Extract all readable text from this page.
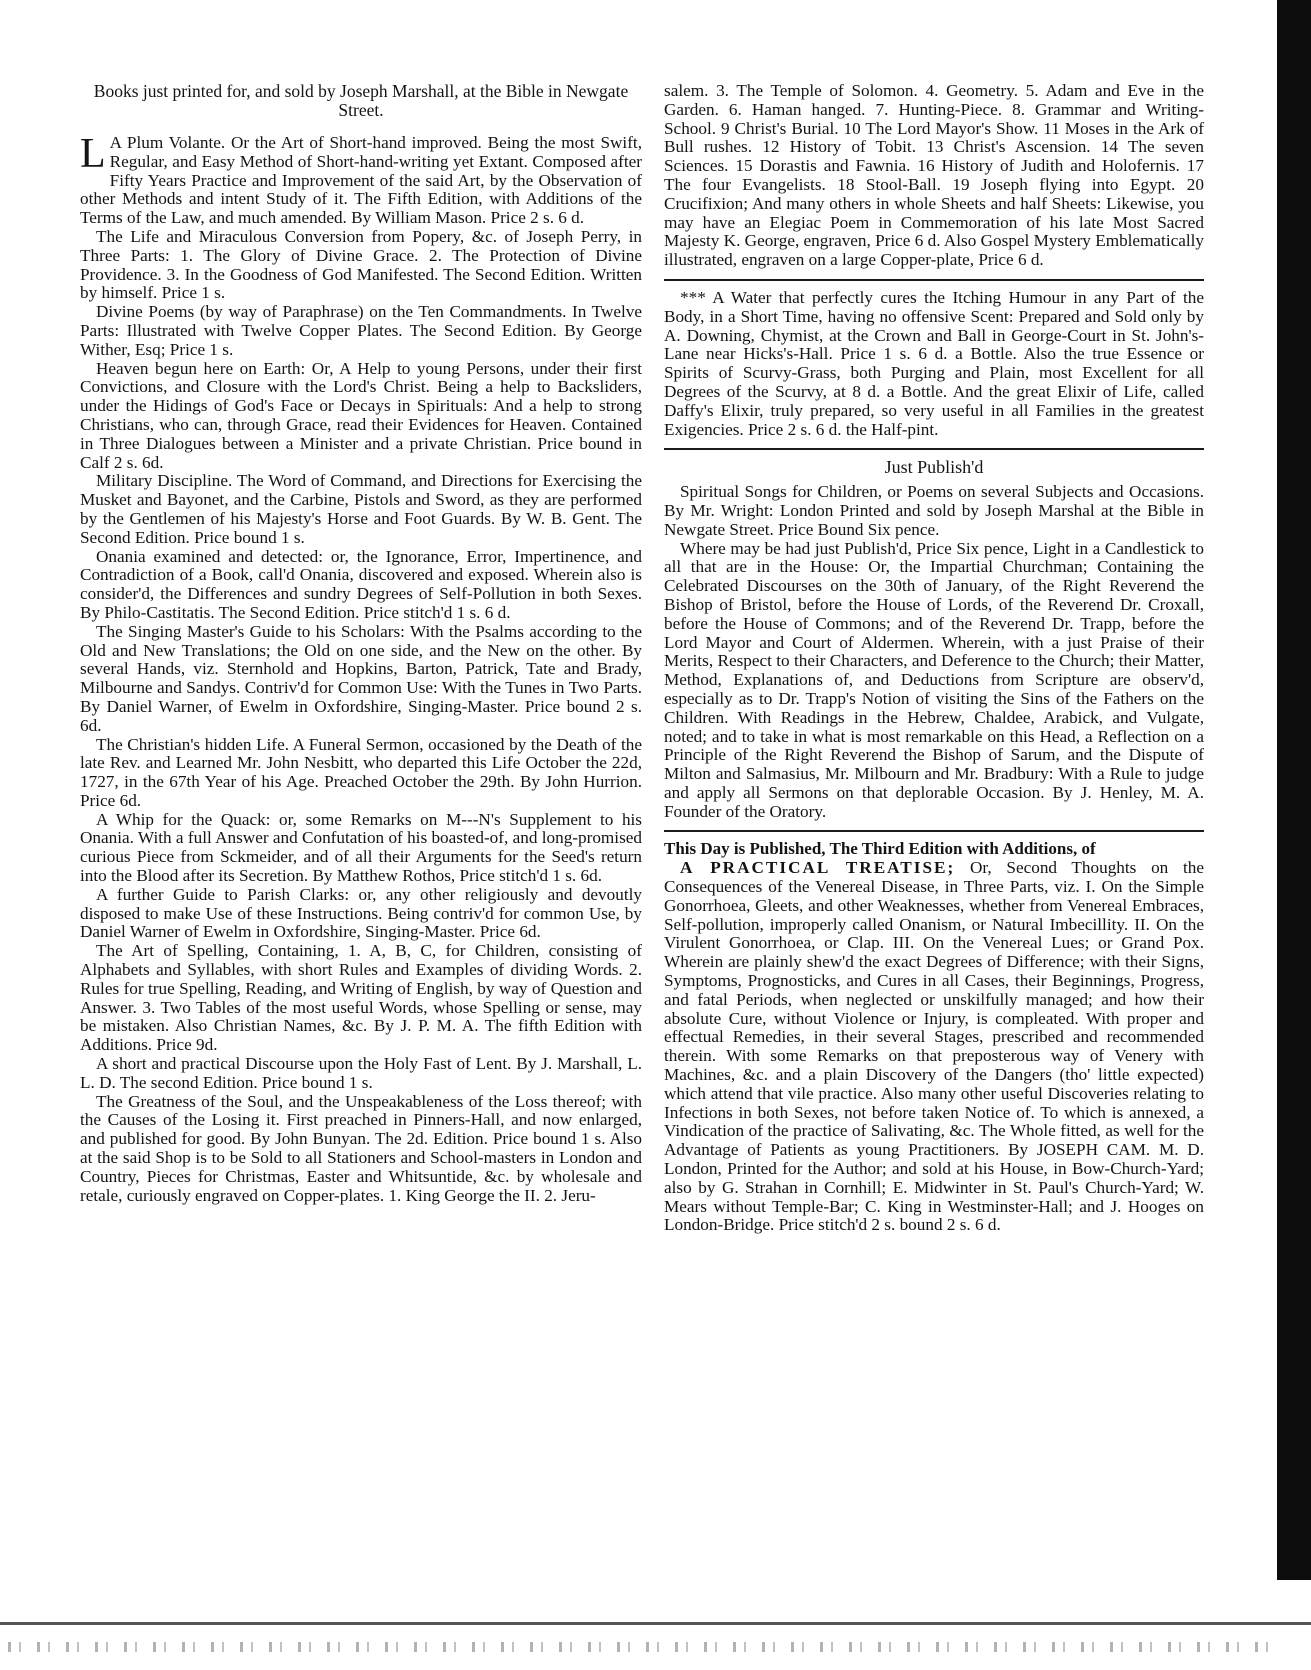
Books just printed for, and sold by Joseph Marshall, at the Bible in Newgate Street.

LA Plum Volante. Or the Art of Short-hand improved. Being the most Swift, Regular, and Easy Method of Short-hand-writing yet Extant. Composed after Fifty Years Practice and Improvement of the said Art, by the Observation of other Methods and intent Study of it. The Fifth Edition, with Additions of the Terms of the Law, and much amended. By William Mason. Price 2 s. 6 d.

The Life and Miraculous Conversion from Popery, &c. of Joseph Perry, in Three Parts: 1. The Glory of Divine Grace. 2. The Protection of Divine Providence. 3. In the Goodness of God Manifested. The Second Edition. Written by himself. Price 1 s.

Divine Poems (by way of Paraphrase) on the Ten Commandments. In Twelve Parts: Illustrated with Twelve Copper Plates. The Second Edition. By George Wither, Esq; Price 1 s.

Heaven begun here on Earth: Or, A Help to young Persons, under their first Convictions, and Closure with the Lord's Christ. Being a help to Backsliders, under the Hidings of God's Face or Decays in Spirituals: And a help to strong Christians, who can, through Grace, read their Evidences for Heaven. Contained in Three Dialogues between a Minister and a private Christian. Price bound in Calf 2 s. 6d.

Military Discipline. The Word of Command, and Directions for Exercising the Musket and Bayonet, and the Carbine, Pistols and Sword, as they are performed by the Gentlemen of his Majesty's Horse and Foot Guards. By W. B. Gent. The Second Edition. Price bound 1 s.

Onania examined and detected: or, the Ignorance, Error, Impertinence, and Contradiction of a Book, call'd Onania, discovered and exposed. Wherein also is consider'd, the Differences and sundry Degrees of Self-Pollution in both Sexes. By Philo-Castitatis. The Second Edition. Price stitch'd 1 s. 6 d.

The Singing Master's Guide to his Scholars: With the Psalms according to the Old and New Translations; the Old on one side, and the New on the other. By several Hands, viz. Sternhold and Hopkins, Barton, Patrick, Tate and Brady, Milbourne and Sandys. Contriv'd for Common Use: With the Tunes in Two Parts. By Daniel Warner, of Ewelm in Oxfordshire, Singing-Master. Price bound 2 s. 6d.

The Christian's hidden Life. A Funeral Sermon, occasioned by the Death of the late Rev. and Learned Mr. John Nesbitt, who departed this Life October the 22d, 1727, in the 67th Year of his Age. Preached October the 29th. By John Hurrion. Price 6d.

A Whip for the Quack: or, some Remarks on M---N's Supplement to his Onania. With a full Answer and Confutation of his boasted-of, and long-promised curious Piece from Sckmeider, and of all their Arguments for the Seed's return into the Blood after its Secretion. By Matthew Rothos, Price stitch'd 1 s. 6d.

A further Guide to Parish Clarks: or, any other religiously and devoutly disposed to make Use of these Instructions. Being contriv'd for common Use, by Daniel Warner of Ewelm in Oxfordshire, Singing-Master. Price 6d.

The Art of Spelling, Containing, 1. A, B, C, for Children, consisting of Alphabets and Syllables, with short Rules and Examples of dividing Words. 2. Rules for true Spelling, Reading, and Writing of English, by way of Question and Answer. 3. Two Tables of the most useful Words, whose Spelling or sense, may be mistaken. Also Christian Names, &c. By J. P. M. A. The fifth Edition with Additions. Price 9d.

A short and practical Discourse upon the Holy Fast of Lent. By J. Marshall, L. L. D. The second Edition. Price bound 1 s.

The Greatness of the Soul, and the Unspeakableness of the Loss thereof; with the Causes of the Losing it. First preached in Pinners-Hall, and now enlarged, and published for good. By John Bunyan. The 2d. Edition. Price bound 1 s. Also at the said Shop is to be Sold to all Stationers and School-masters in London and Country, Pieces for Christmas, Easter and Whitsuntide, &c. by wholesale and retale, curiously engraved on Copper-plates. 1. King George the II. 2. Jeru-

salem. 3. The Temple of Solomon. 4. Geometry. 5. Adam and Eve in the Garden. 6. Haman hanged. 7. Hunting-Piece. 8. Grammar and Writing-School. 9 Christ's Burial. 10 The Lord Mayor's Show. 11 Moses in the Ark of Bull rushes. 12 History of Tobit. 13 Christ's Ascension. 14 The seven Sciences. 15 Dorastis and Fawnia. 16 History of Judith and Holofernis. 17 The four Evangelists. 18 Stool-Ball. 19 Joseph flying into Egypt. 20 Crucifixion; And many others in whole Sheets and half Sheets: Likewise, you may have an Elegiac Poem in Commemoration of his late Most Sacred Majesty K. George, engraven, Price 6 d. Also Gospel Mystery Emblematically illustrated, engraven on a large Copper-plate, Price 6 d.

*** A Water that perfectly cures the Itching Humour in any Part of the Body, in a Short Time, having no offensive Scent: Prepared and Sold only by A. Downing, Chymist, at the Crown and Ball in George-Court in St. John's-Lane near Hicks's-Hall. Price 1 s. 6 d. a Bottle. Also the true Essence or Spirits of Scurvy-Grass, both Purging and Plain, most Excellent for all Degrees of the Scurvy, at 8 d. a Bottle. And the great Elixir of Life, called Daffy's Elixir, truly prepared, so very useful in all Families in the greatest Exigencies. Price 2 s. 6 d. the Half-pint.

Just Publish'd

Spiritual Songs for Children, or Poems on several Subjects and Occasions. By Mr. Wright: London Printed and sold by Joseph Marshal at the Bible in Newgate Street. Price Bound Six pence.

Where may be had just Publish'd, Price Six pence, Light in a Candlestick to all that are in the House: Or, the Impartial Churchman; Containing the Celebrated Discourses on the 30th of January, of the Right Reverend the Bishop of Bristol, before the House of Lords, of the Reverend Dr. Croxall, before the House of Commons; and of the Reverend Dr. Trapp, before the Lord Mayor and Court of Aldermen. Wherein, with a just Praise of their Merits, Respect to their Characters, and Deference to the Church; their Matter, Method, Explanations of, and Deductions from Scripture are observ'd, especially as to Dr. Trapp's Notion of visiting the Sins of the Fathers on the Children. With Readings in the Hebrew, Chaldee, Arabick, and Vulgate, noted; and to take in what is most remarkable on this Head, a Reflection on a Principle of the Right Reverend the Bishop of Sarum, and the Dispute of Milton and Salmasius, Mr. Milbourn and Mr. Bradbury: With a Rule to judge and apply all Sermons on that deplorable Occasion. By J. Henley, M. A. Founder of the Oratory.

This Day is Published, The Third Edition with Additions, of

A PRACTICAL TREATISE; Or, Second Thoughts on the Consequences of the Venereal Disease, in Three Parts, viz. I. On the Simple Gonorrhoea, Gleets, and other Weaknesses, whether from Venereal Embraces, Self-pollution, improperly called Onanism, or Natural Imbecillity. II. On the Virulent Gonorrhoea, or Clap. III. On the Venereal Lues; or Grand Pox. Wherein are plainly shew'd the exact Degrees of Difference; with their Signs, Symptoms, Prognosticks, and Cures in all Cases, their Beginnings, Progress, and fatal Periods, when neglected or unskilfully managed; and how their absolute Cure, without Violence or Injury, is compleated. With proper and effectual Remedies, in their several Stages, prescribed and recommended therein. With some Remarks on that preposterous way of Venery with Machines, &c. and a plain Discovery of the Dangers (tho' little expected) which attend that vile practice. Also many other useful Discoveries relating to Infections in both Sexes, not before taken Notice of. To which is annexed, a Vindication of the practice of Salivating, &c. The Whole fitted, as well for the Advantage of Patients as young Practitioners. By JOSEPH CAM. M. D. London, Printed for the Author; and sold at his House, in Bow-Church-Yard; also by G. Strahan in Cornhill; E. Midwinter in St. Paul's Church-Yard; W. Mears without Temple-Bar; C. King in Westminster-Hall; and J. Hooges on London-Bridge. Price stitch'd 2 s. bound 2 s. 6 d.
